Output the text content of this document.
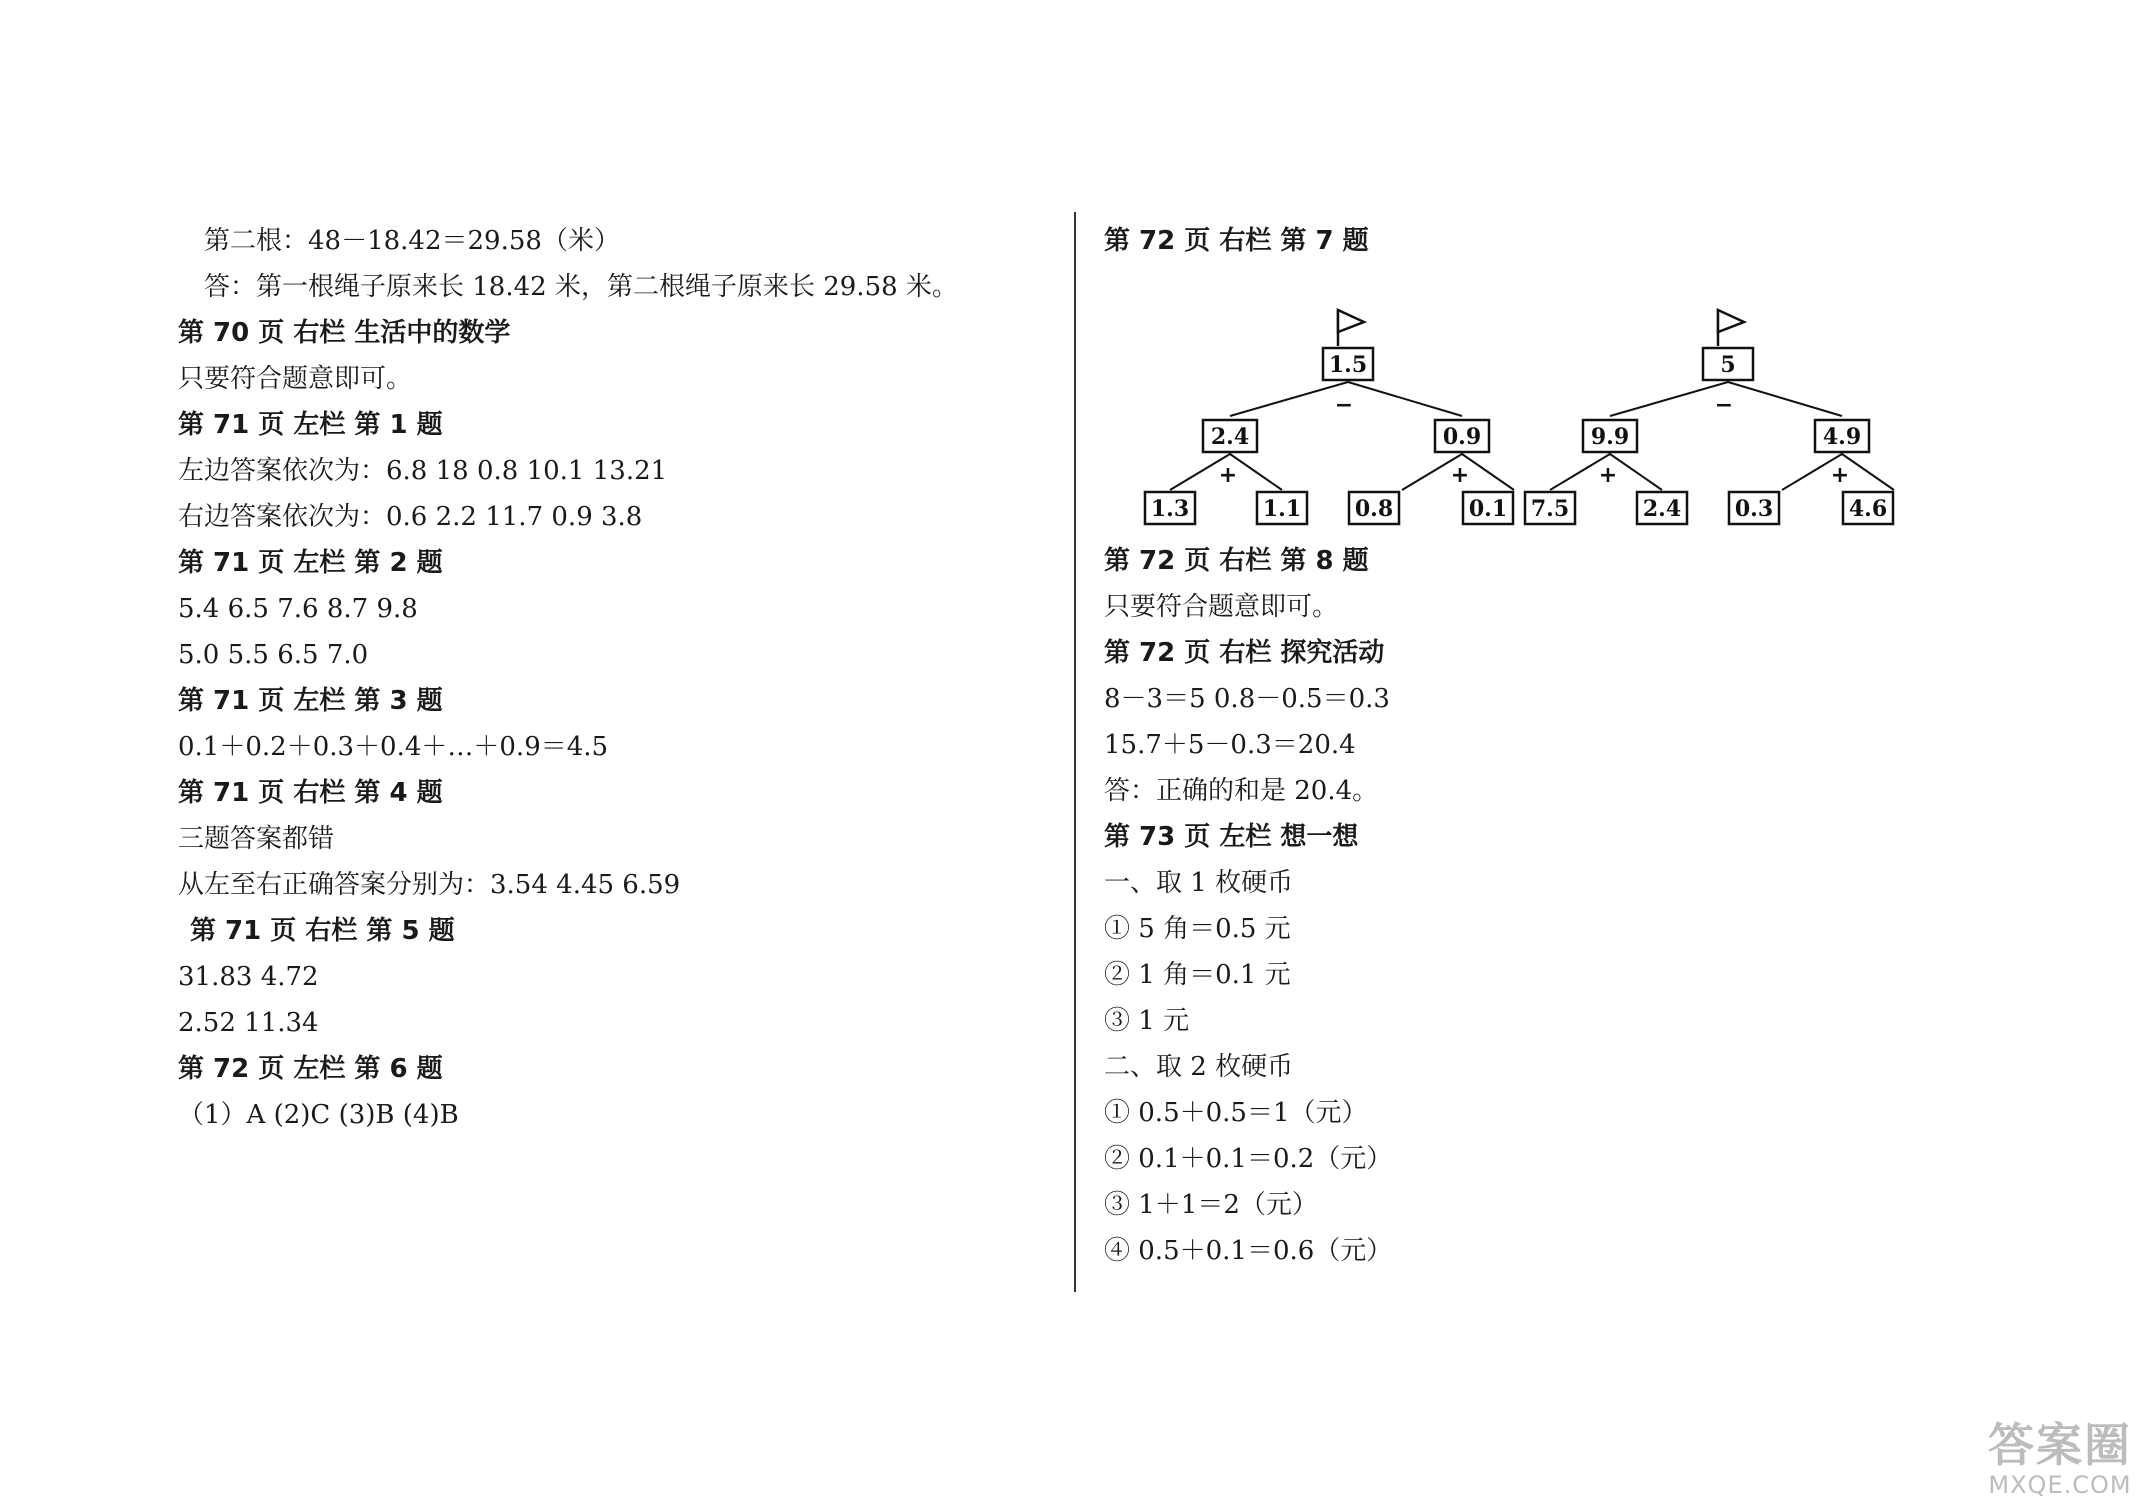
第二根：48－18.42＝29.58（米）
答：第一根绳子原来长 18.42 米，第二根绳子原来长 29.58 米。
第 70 页 右栏 生活中的数学
只要符合题意即可。
第 71 页 左栏 第 1 题
左边答案依次为：6.8 18 0.8 10.1 13.21
右边答案依次为：0.6 2.2 11.7 0.9 3.8
第 71 页 左栏 第 2 题
5.4 6.5 7.6 8.7 9.8
5.0 5.5 6.5 7.0
第 71 页 左栏 第 3 题
0.1＋0.2＋0.3＋0.4＋…＋0.9＝4.5
第 71 页 右栏 第 4 题
三题答案都错
从左至右正确答案分别为：3.54 4.45 6.59
第 71 页 右栏 第 5 题
31.83 4.72
2.52 11.34
第 72 页 左栏 第 6 题
（1）A (2)C (3)B (4)B
第 72 页 右栏 第 7 题
1.5
−
2.4	0.9
+	+
1.3	1.1 0.8	0.1
5
−
9.9	4.9
+	+
7.5	2.4 0.3	4.6
第 72 页 右栏 第 8 题
只要符合题意即可。
第 72 页 右栏 探究活动
8－3＝5 0.8－0.5＝0.3
15.7＋5－0.3＝20.4
答：正确的和是 20.4。
第 73 页 左栏 想一想
一、取 1 枚硬币
① 5 角＝0.5 元
② 1 角＝0.1 元
③ 1 元
二、取 2 枚硬币
① 0.5＋0.5＝1（元）
② 0.1＋0.1＝0.2（元）
③ 1＋1＝2（元）
④ 0.5＋0.1＝0.6（元）
答案圈
MXQE.COM
